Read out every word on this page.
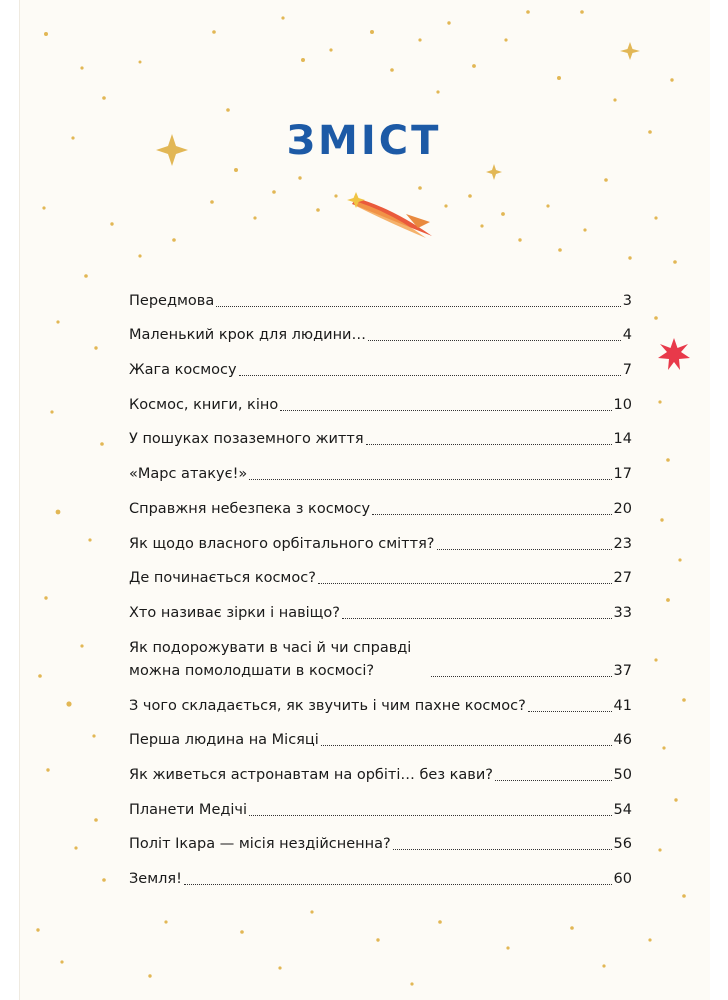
ЗМІСТ
Передмова	3
Маленький крок для людини…	4
Жага космосу	7
Космос, книги, кіно	10
У пошуках позаземного життя	14
«Марс атакує!»	17
Справжня небезпека з космосу	20
Як щодо власного орбітального сміття?	23
Де починається космос?	27
Хто називає зірки і навіщо?	33
Як подорожувати в часі й чи справді
можна помолодшати в космосі?	37
З чого складається, як звучить і чим пахне космос?	41
Перша людина на Місяці	46
Як живеться астронавтам на орбіті… без кави?	50
Планети Медічі	54
Політ Ікара — місія нездійсненна?	56
Земля!	60
